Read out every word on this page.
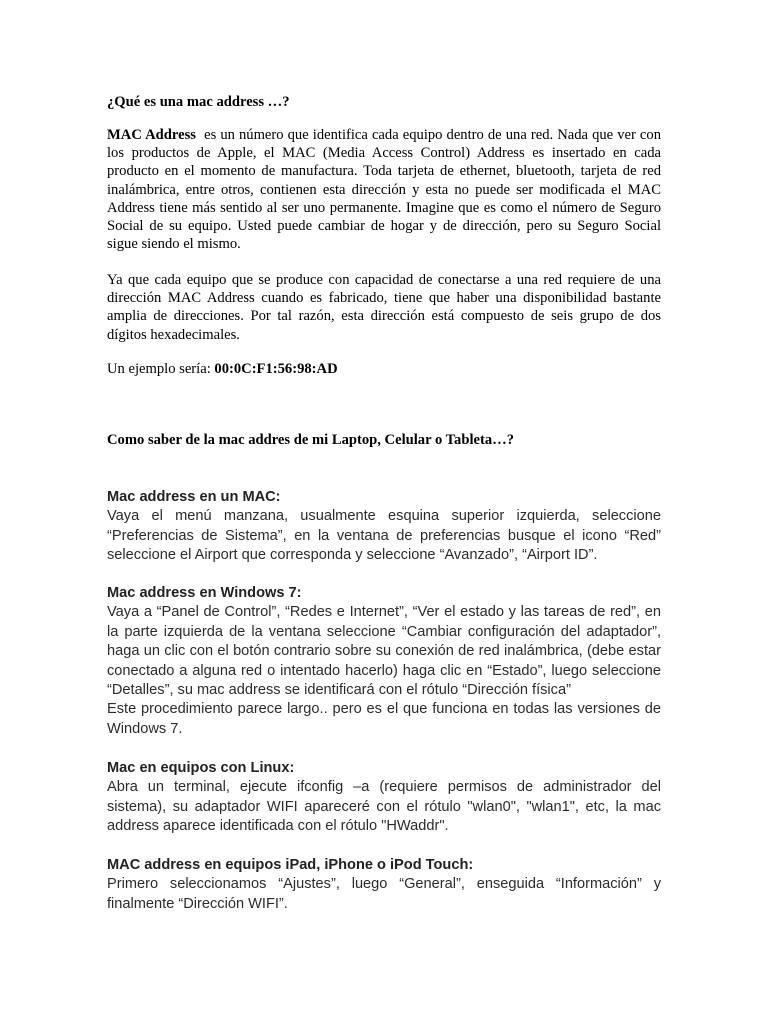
¿Qué es una mac address …?

MAC Address es un número que identifica cada equipo dentro de una red. Nada que ver con los productos de Apple, el MAC (Media Access Control) Address es insertado en cada producto en el momento de manufactura. Toda tarjeta de ethernet, bluetooth, tarjeta de red inalámbrica, entre otros, contienen esta dirección y esta no puede ser modificada el MAC Address tiene más sentido al ser uno permanente. Imagine que es como el número de Seguro Social de su equipo. Usted puede cambiar de hogar y de dirección, pero su Seguro Social sigue siendo el mismo.

Ya que cada equipo que se produce con capacidad de conectarse a una red requiere de una dirección MAC Address cuando es fabricado, tiene que haber una disponibilidad bastante amplia de direcciones. Por tal razón, esta dirección está compuesto de seis grupo de dos dígitos hexadecimales.

Un ejemplo sería: 00:0C:F1:56:98:AD

Como saber de la mac addres de mi Laptop, Celular o Tableta…?

Mac address en un MAC:
Vaya el menú manzana, usualmente esquina superior izquierda, seleccione “Preferencias de Sistema”, en la ventana de preferencias busque el icono “Red” seleccione el Airport que corresponda y seleccione “Avanzado”, “Airport ID”.
Mac address en Windows 7:
Vaya a “Panel de Control”, “Redes e Internet”, “Ver el estado y las tareas de red”, en la parte izquierda de la ventana seleccione “Cambiar configuración del adaptador”, haga un clic con el botón contrario sobre su conexión de red inalámbrica, (debe estar conectado a alguna red o intentado hacerlo) haga clic en “Estado”, luego seleccione “Detalles”, su mac address se identificará con el rótulo “Dirección física”
Este procedimiento parece largo.. pero es el que funciona en todas las versiones de Windows 7.
Mac en equipos con Linux:
Abra un terminal, ejecute ifconfig –a (requiere permisos de administrador del sistema), su adaptador WIFI apareceré con el rótulo "wlan0", "wlan1", etc, la mac address aparece identificada con el rótulo "HWaddr".
MAC address en equipos iPad, iPhone o iPod Touch:
Primero seleccionamos “Ajustes”, luego “General”, enseguida “Información” y finalmente “Dirección WIFI”.
